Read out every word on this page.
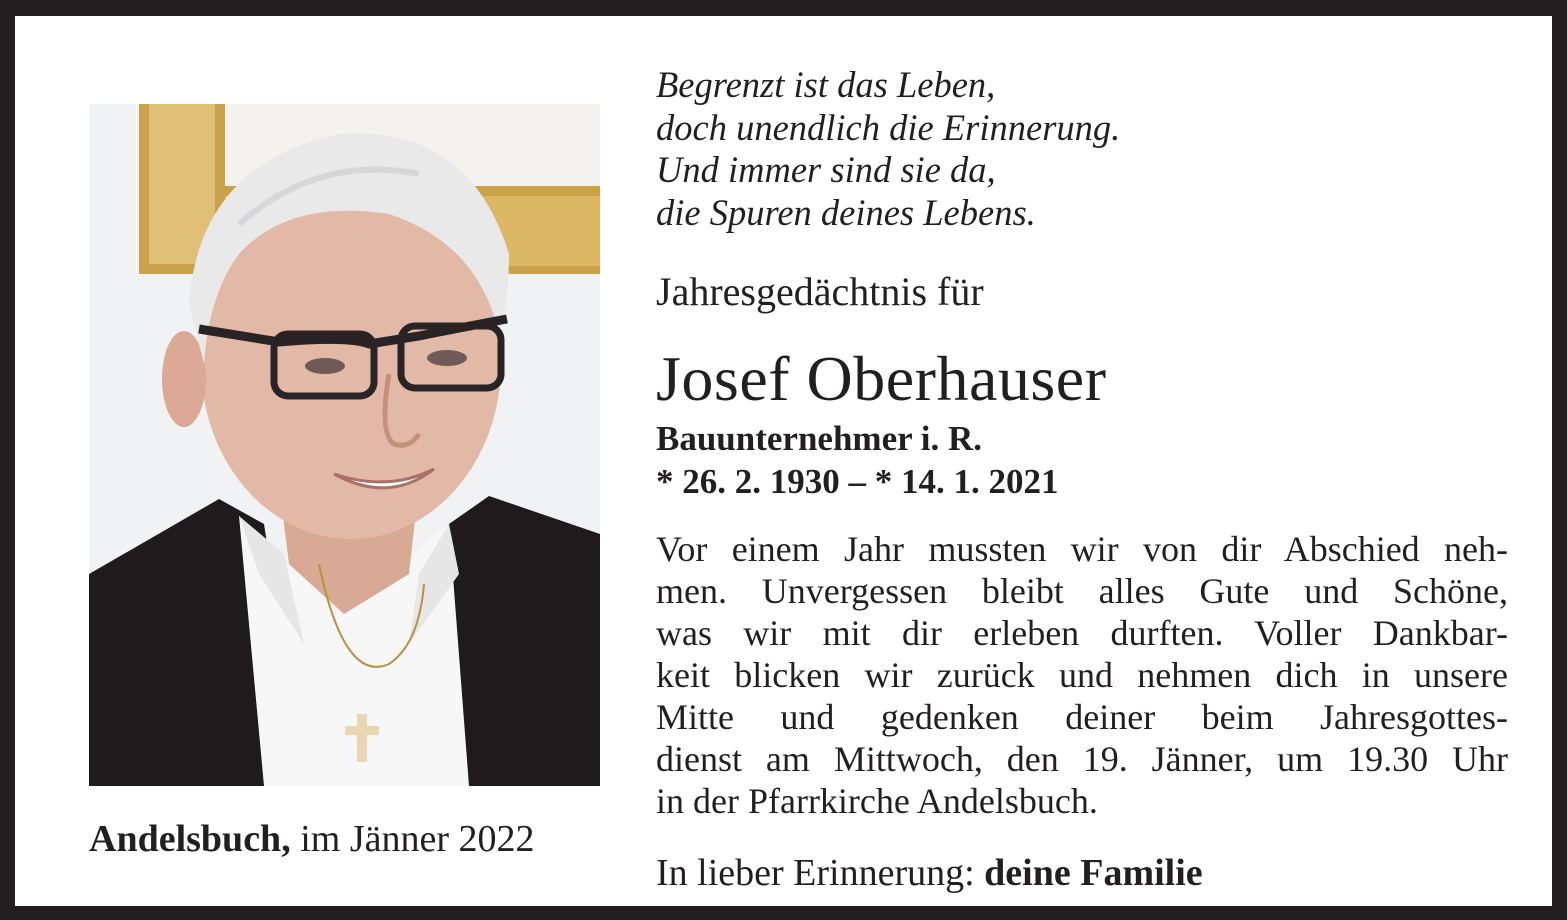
Andelsbuch, im Jänner 2022
Begrenzt ist das Leben,
doch unendlich die Erinnerung.
Und immer sind sie da,
die Spuren deines Lebens.
Jahresgedächtnis für
Josef Oberhauser
Bauunternehmer i. R.
* 26. 2. 1930 – * 14. 1. 2021
Vor einem Jahr mussten wir von dir Abschied neh-
men. Unvergessen bleibt alles Gute und Schöne,
was wir mit dir erleben durften. Voller Dankbar-
keit blicken wir zurück und nehmen dich in unsere
Mitte und gedenken deiner beim Jahresgottes-
dienst am Mittwoch, den 19. Jänner, um 19.30 Uhr
in der Pfarrkirche Andelsbuch.
In lieber Erinnerung: deine Familie
